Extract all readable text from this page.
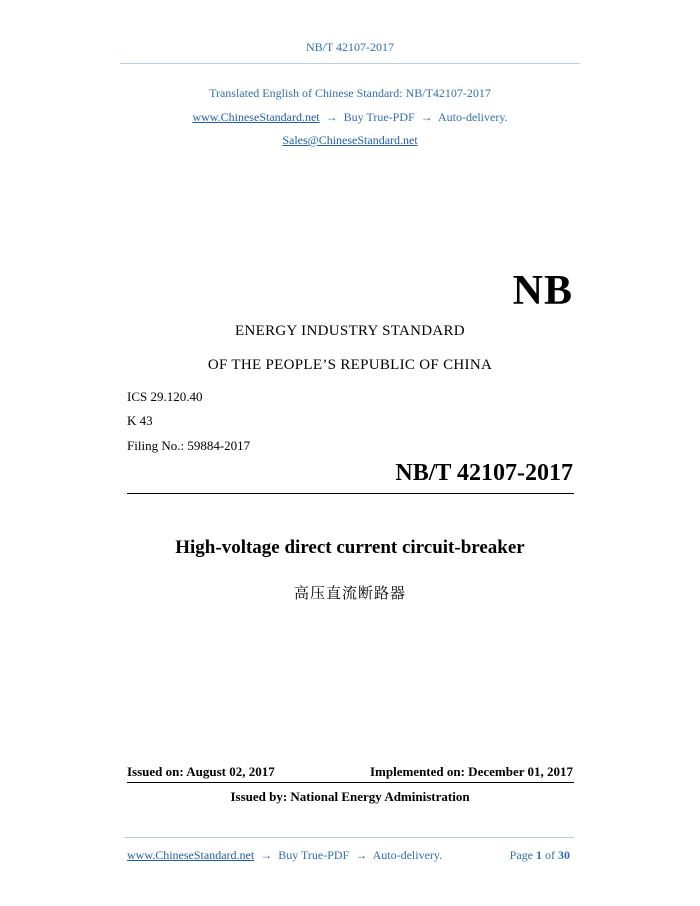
NB/T 42107-2017
Translated English of Chinese Standard: NB/T42107-2017
www.ChineseStandard.net → Buy True-PDF → Auto-delivery.
Sales@ChineseStandard.net
NB
ENERGY INDUSTRY STANDARD
OF THE PEOPLE’S REPUBLIC OF CHINA
ICS 29.120.40
K 43
Filing No.: 59884-2017
NB/T 42107-2017
High-voltage direct current circuit-breaker
高压直流断路器
Issued on: August 02, 2017	Implemented on: December 01, 2017
Issued by: National Energy Administration
www.ChineseStandard.net → Buy True-PDF → Auto-delivery.	Page 1 of 30
